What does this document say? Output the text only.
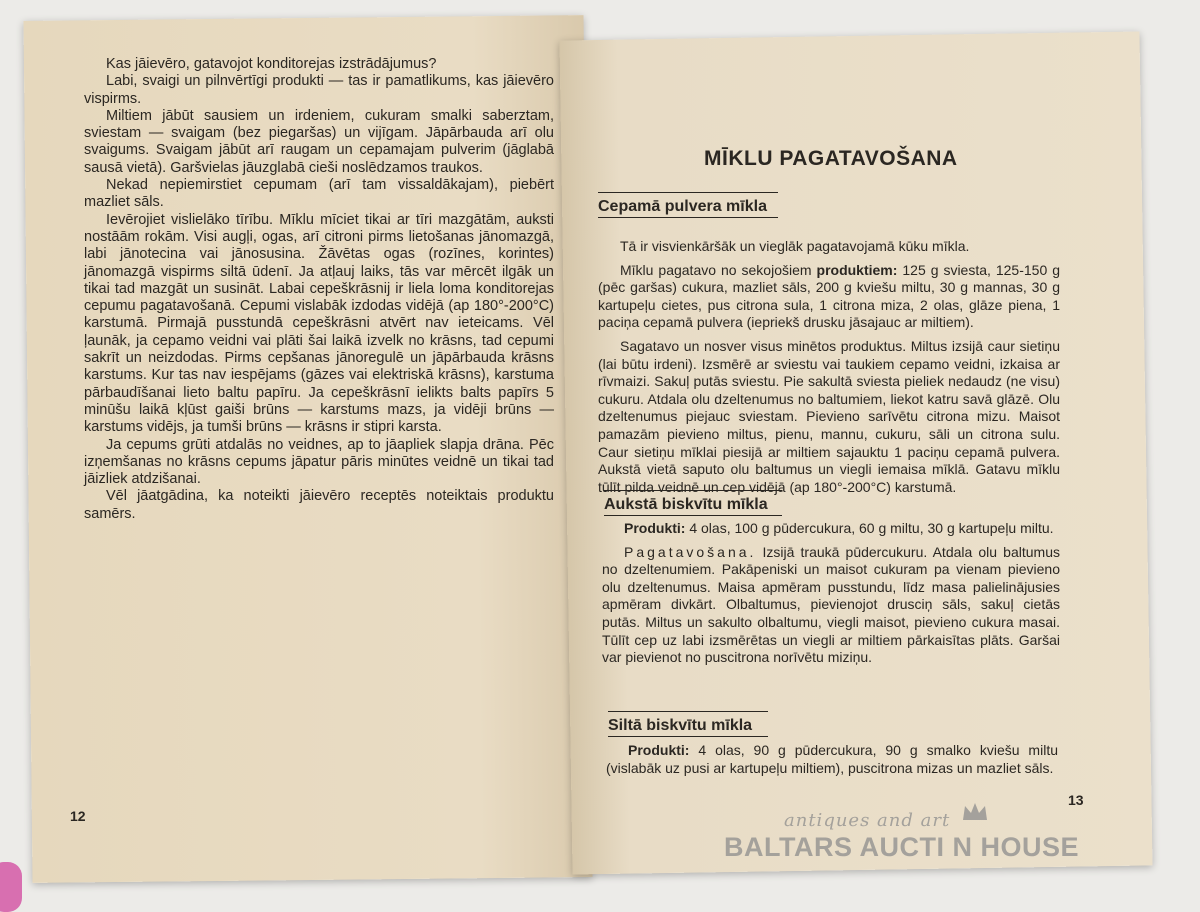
Kas jāievēro, gatavojot konditorejas izstrādājumus?

Labi, svaigi un pilnvērtīgi produkti — tas ir pamatlikums, kas jāievēro vispirms.

Miltiem jābūt sausiem un irdeniem, cukuram smalki saberztam, sviestam — svaigam (bez piegaršas) un vijīgam. Jāpārbauda arī olu svaigums. Svaigam jābūt arī raugam un cepamajam pulverim (jāglabā sausā vietā). Garšvielas jāuzglabā cieši noslēdzamos traukos.

Nekad nepiemirstiet cepumam (arī tam vissaldākajam), piebērt mazliet sāls.

Ievērojiet vislielāko tīrību. Mīklu mīciet tikai ar tīri mazgātām, auksti nostāām rokām. Visi augļi, ogas, arī citroni pirms lietošanas jānomazgā, labi jānotecina vai jānosusina. Žāvētas ogas (rozīnes, korintes) jānomazgā vispirms siltā ūdenī. Ja atļauj laiks, tās var mērcēt ilgāk un tikai tad mazgāt un susināt. Labai cepeškrāsnij ir liela loma konditorejas cepumu pagatavošanā. Cepumi vislabāk izdodas vidējā (ap 180°-200°C) karstumā. Pirmajā pusstundā cepeškrāsni atvērt nav ieteicams. Vēl ļaunāk, ja cepamo veidni vai plāti šai laikā izvelk no krāsns, tad cepumi sakrīt un neizdodas. Pirms cepšanas jānoregulē un jāpārbauda krāsns karstums. Kur tas nav iespējams (gāzes vai elektriskā krāsns), karstuma pārbaudīšanai lieto baltu papīru. Ja cepeškrāsnī ielikts balts papīrs 5 minūšu laikā kļūst gaiši brūns — karstums mazs, ja vidēji brūns — karstums vidējs, ja tumši brūns — krāsns ir stipri karsta.

Ja cepums grūti atdalās no veidnes, ap to jāapliek slapja drāna. Pēc izņemšanas no krāsns cepums jāpatur pāris minūtes veidnē un tikai tad jāizliek atdzišanai.

Vēl jāatgādina, ka noteikti jāievēro receptēs noteiktais produktu samērs.

12
MĪKLU PAGATAVOŠANA
Cepamā pulvera mīkla

Tā ir visvienkāršāk un vieglāk pagatavojamā kūku mīkla.

Mīklu pagatavo no sekojošiem produktiem: 125 g sviesta, 125-150 g (pēc garšas) cukura, mazliet sāls, 200 g kviešu miltu, 30 g mannas, 30 g kartupeļu cietes, pus citrona sula, 1 citrona miza, 2 olas, glāze piena, 1 paciņa cepamā pulvera (iepriekš drusku jāsajauc ar miltiem).

Sagatavo un nosver visus minētos produktus. Miltus izsijā caur sietiņu (lai būtu irdeni). Izsmērē ar sviestu vai taukiem cepamo veidni, izkaisa ar rīvmaizi. Sakuļ putās sviestu. Pie sakultā sviesta pieliek nedaudz (ne visu) cukuru. Atdala olu dzeltenumus no baltumiem, liekot katru savā glāzē. Olu dzeltenumus piejauc sviestam. Pievieno sarīvētu citrona mizu. Maisot pamazām pievieno miltus, pienu, mannu, cukuru, sāli un citrona sulu. Caur sietiņu mīklai piesijā ar miltiem sajauktu 1 paciņu cepamā pulvera. Aukstā vietā saputo olu baltumus un viegli iemaisa mīklā. Gatavu mīklu tūlīt pilda veidnē un cep vidējā (ap 180°-200°C) karstumā.

Aukstā biskvītu mīkla

Produkti: 4 olas, 100 g pūdercukura, 60 g miltu, 30 g kartupeļu miltu.

Pagatavošana. Izsijā traukā pūdercukuru. Atdala olu baltumus no dzeltenumiem. Pakāpeniski un maisot cukuram pa vienam pievieno olu dzeltenumus. Maisa apmēram pusstundu, līdz masa palielinājusies apmēram divkārt. Olbaltumus, pievienojot drusciņ sāls, sakuļ cietās putās. Miltus un sakulto olbaltumu, viegli maisot, pievieno cukura masai. Tūlīt cep uz labi izsmērētas un viegli ar miltiem pārkaisītas plāts. Garšai var pievienot no puscitrona norīvētu miziņu.

Siltā biskvītu mīkla

Produkti: 4 olas, 90 g pūdercukura, 90 g smalko kviešu miltu (vislabāk uz pusi ar kartupeļu miltiem), puscitrona mizas un mazliet sāls.

13
antiques and art
BALTARS AUCTI N HOUSE
